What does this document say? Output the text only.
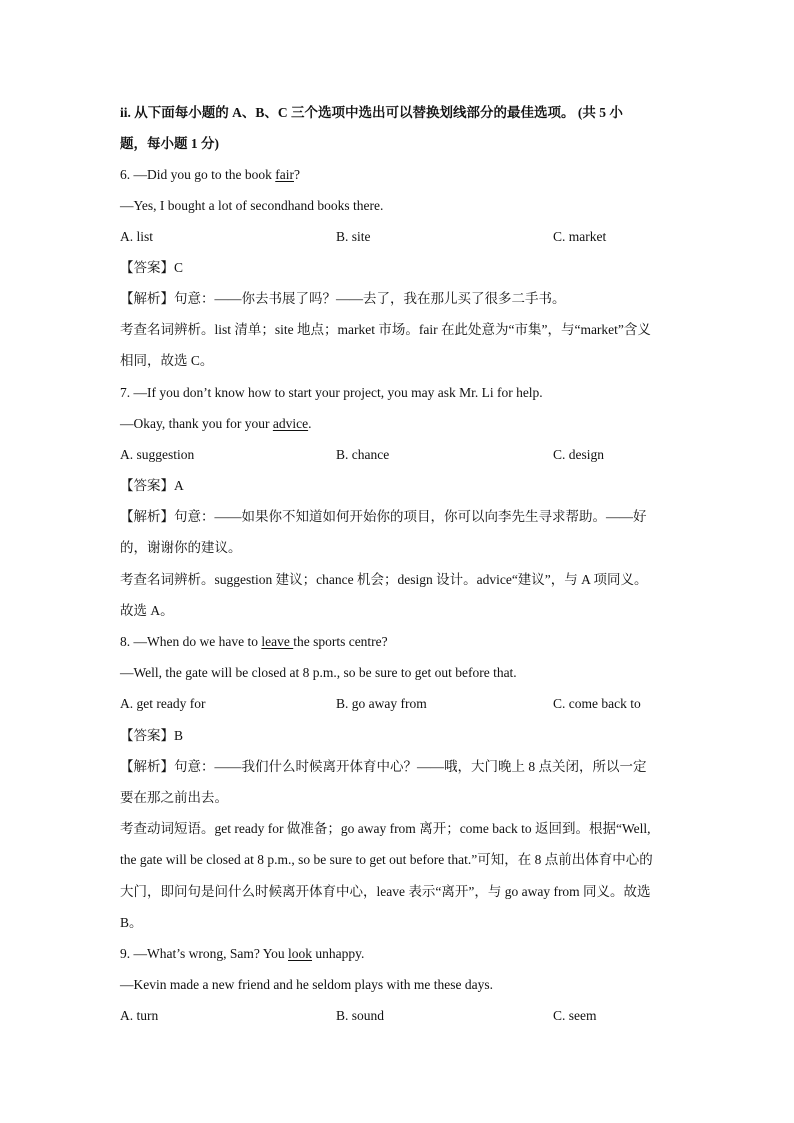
ii. 从下面每小题的 A、B、C 三个选项中选出可以替换划线部分的最佳选项。 (共 5 小
题，每小题 1 分)
6. —Did you go to the book fair?
—Yes, I bought a lot of secondhand books there.
A. list	B. site	C. market
【答案】C
【解析】句意：——你去书展了吗？——去了，我在那儿买了很多二手书。
考查名词辨析。list 清单；site 地点；market 市场。fair 在此处意为“市集”，与“market”含义
相同，故选 C。
7. —If you don’t know how to start your project, you may ask Mr. Li for help.
—Okay, thank you for your advice.
A. suggestion	B. chance	C. design
【答案】A
【解析】句意：——如果你不知道如何开始你的项目，你可以向李先生寻求帮助。——好
的，谢谢你的建议。
考查名词辨析。suggestion 建议；chance 机会；design 设计。advice“建议”，与 A 项同义。
故选 A。
8. —When do we have to leave the sports centre?
—Well, the gate will be closed at 8 p.m., so be sure to get out before that.
A. get ready for	B. go away from	C. come back to
【答案】B
【解析】句意：——我们什么时候离开体育中心？——哦，大门晚上 8 点关闭，所以一定
要在那之前出去。
考查动词短语。get ready for 做准备；go away from 离开；come back to 返回到。根据“Well,
the gate will be closed at 8 p.m., so be sure to get out before that.”可知，在 8 点前出体育中心的
大门，即问句是问什么时候离开体育中心，leave 表示“离开”，与 go away from 同义。故选
B。
9. —What’s wrong, Sam? You look unhappy.
—Kevin made a new friend and he seldom plays with me these days.
A. turn	B. sound	C. seem
